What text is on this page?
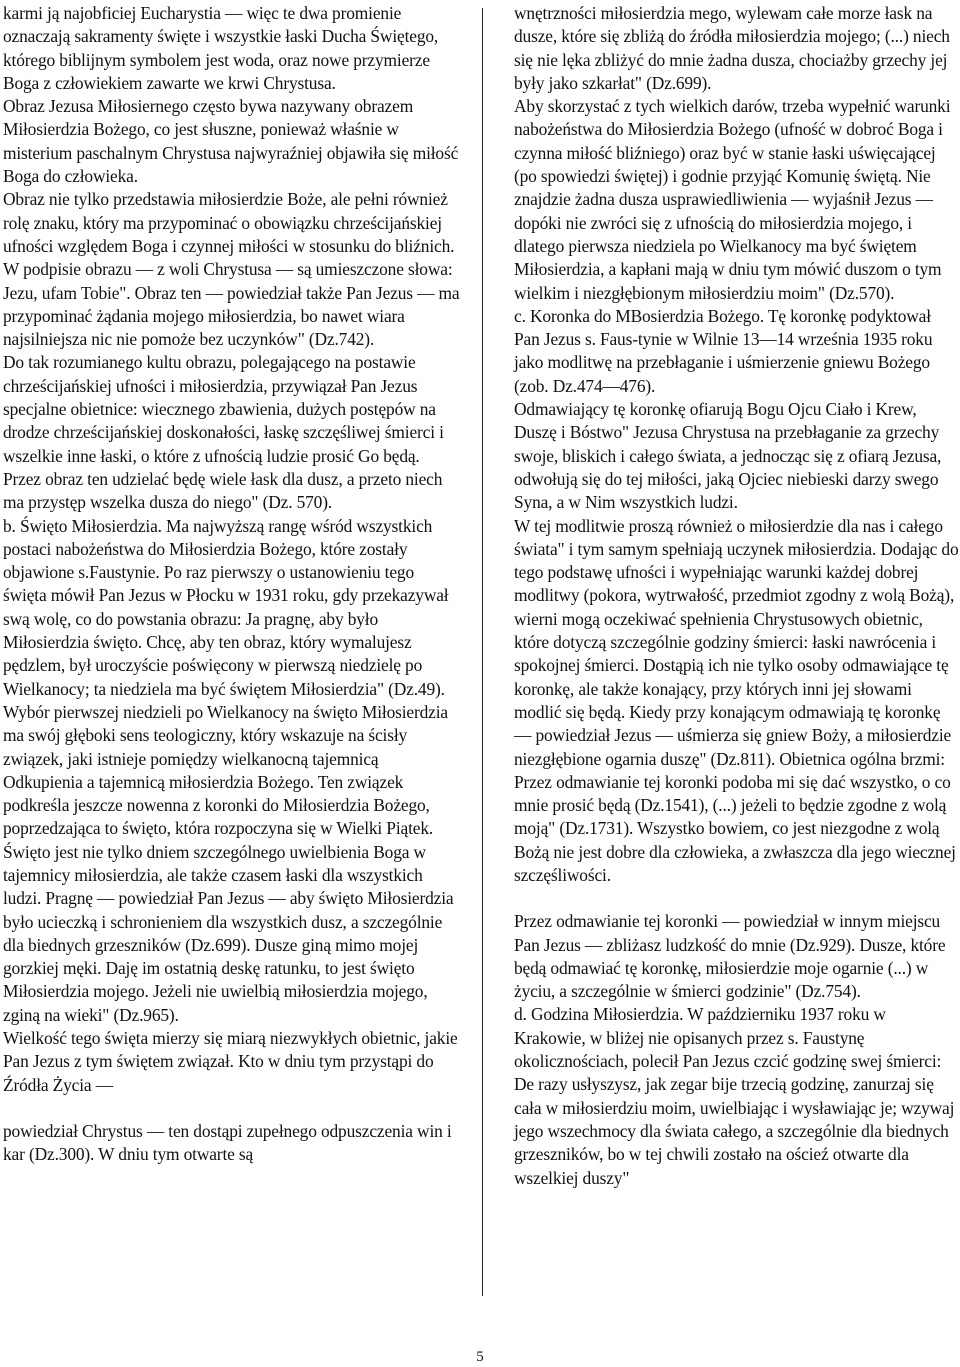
karmi ją najobficiej Eucharystia — więc te dwa promienie oznaczają sakramenty święte i wszystkie łaski Ducha Świętego, którego biblijnym symbolem jest woda, oraz nowe przymierze Boga z człowiekiem zawarte we krwi Chrystusa.

Obraz Jezusa Miłosiernego często bywa nazywany obrazem Miłosierdzia Bożego, co jest słuszne, ponieważ właśnie w misterium paschalnym Chrystusa najwyraźniej objawiła się miłość Boga do człowieka.

Obraz nie tylko przedstawia miłosierdzie Boże, ale pełni również rolę znaku, który ma przypominać o obowiązku chrześcijańskiej ufności względem Boga i czynnej miłości w stosunku do bliźnich. W podpisie obrazu — z woli Chrystusa — są umieszczone słowa: Jezu, ufam Tobie". Obraz ten — powiedział także Pan Jezus — ma przypominać żądania mojego miłosierdzia, bo nawet wiara najsilniejsza nic nie pomoże bez uczynków" (Dz.742).

Do tak rozumianego kultu obrazu, polegającego na postawie chrześcijańskiej ufności i miłosierdzia, przywiązał Pan Jezus specjalne obietnice: wiecznego zbawienia, dużych postępów na drodze chrześcijańskiej doskonałości, łaskę szczęśliwej śmierci i wszelkie inne łaski, o które z ufnością ludzie prosić Go będą. Przez obraz ten udzielać będę wiele łask dla dusz, a przeto niech ma przystęp wszelka dusza do niego" (Dz. 570).

b. Święto Miłosierdzia. Ma najwyższą rangę wśród wszystkich postaci nabożeństwa do Miłosierdzia Bożego, które zostały objawione s.Faustynie. Po raz pierwszy o ustanowieniu tego święta mówił Pan Jezus w Płocku w 1931 roku, gdy przekazywał swą wolę, co do powstania obrazu: Ja pragnę, aby było Miłosierdzia święto. Chcę, aby ten obraz, który wymalujesz pędzlem, był uroczyście poświęcony w pierwszą niedzielę po Wielkanocy; ta niedziela ma być świętem Miłosierdzia" (Dz.49).

Wybór pierwszej niedzieli po Wielkanocy na święto Miłosierdzia ma swój głęboki sens teologiczny, który wskazuje na ścisły związek, jaki istnieje pomiędzy wielkanocną tajemnicą Odkupienia a tajemnicą miłosierdzia Bożego. Ten związek podkreśla jeszcze nowenna z koronki do Miłosierdzia Bożego, poprzedzająca to święto, która rozpoczyna się w Wielki Piątek.

Święto jest nie tylko dniem szczególnego uwielbienia Boga w tajemnicy miłosierdzia, ale także czasem łaski dla wszystkich ludzi. Pragnę — powiedział Pan Jezus — aby święto Miłosierdzia było ucieczką i schronieniem dla wszystkich dusz, a szczególnie dla biednych grzeszników (Dz.699). Dusze giną mimo mojej gorzkiej męki. Daję im ostatnią deskę ratunku, to jest święto Miłosierdzia mojego. Jeżeli nie uwielbią miłosierdzia mojego, zginą na wieki" (Dz.965).

Wielkość tego święta mierzy się miarą niezwykłych obietnic, jakie Pan Jezus z tym świętem związał. Kto w dniu tym przystąpi do Źródła Życia —

powiedział Chrystus — ten dostąpi zupełnego odpuszczenia win i kar (Dz.300). W dniu tym otwarte są

wnętrzności miłosierdzia mego, wylewam całe morze łask na dusze, które się zbliżą do źródła miłosierdzia mojego; (...) niech się nie lęka zbliżyć do mnie żadna dusza, chociażby grzechy jej były jako szkarłat" (Dz.699).

Aby skorzystać z tych wielkich darów, trzeba wypełnić warunki nabożeństwa do Miłosierdzia Bożego (ufność w dobroć Boga i czynna miłość bliźniego) oraz być w stanie łaski uświęcającej (po spowiedzi świętej) i godnie przyjąć Komunię świętą. Nie znajdzie żadna dusza usprawiedliwienia — wyjaśnił Jezus — dopóki nie zwróci się z ufnością do miłosierdzia mojego, i dlatego pierwsza niedziela po Wielkanocy ma być świętem Miłosierdzia, a kapłani mają w dniu tym mówić duszom o tym wielkim i niezgłębionym miłosierdziu moim" (Dz.570).

c. Koronka do MBosierdzia Bożego. Tę koronkę podyktował Pan Jezus s. Faus-tynie w Wilnie 13—14 września 1935 roku jako modlitwę na przebłaganie i uśmierzenie gniewu Bożego (zob. Dz.474—476).

Odmawiający tę koronkę ofiarują Bogu Ojcu Ciało i Krew, Duszę i Bóstwo" Jezusa Chrystusa na przebłaganie za grzechy swoje, bliskich i całego świata, a jednocząc się z ofiarą Jezusa, odwołują się do tej miłości, jaką Ojciec niebieski darzy swego Syna, a w Nim wszystkich ludzi.

W tej modlitwie proszą również o miłosierdzie dla nas i całego świata" i tym samym spełniają uczynek miłosierdzia. Dodając do tego podstawę ufności i wypełniając warunki każdej dobrej modlitwy (pokora, wytrwałość, przedmiot zgodny z wolą Bożą), wierni mogą oczekiwać spełnienia Chrystusowych obietnic, które dotyczą szczególnie godziny śmierci: łaski nawrócenia i spokojnej śmierci. Dostąpią ich nie tylko osoby odmawiające tę koronkę, ale także konający, przy których inni jej słowami modlić się będą. Kiedy przy konającym odmawiają tę koronkę — powiedział Jezus — uśmierza się gniew Boży, a miłosierdzie niezgłębione ogarnia duszę" (Dz.811). Obietnica ogólna brzmi: Przez odmawianie tej koronki podoba mi się dać wszystko, o co mnie prosić będą (Dz.1541), (...) jeżeli to będzie zgodne z wolą moją" (Dz.1731). Wszystko bowiem, co jest niezgodne z wolą Bożą nie jest dobre dla człowieka, a zwłaszcza dla jego wiecznej szczęśliwości.

Przez odmawianie tej koronki — powiedział w innym miejscu Pan Jezus — zbliżasz ludzkość do mnie (Dz.929). Dusze, które będą odmawiać tę koronkę, miłosierdzie moje ogarnie (...) w życiu, a szczególnie w śmierci godzinie" (Dz.754).

d. Godzina Miłosierdzia. W październiku 1937 roku w Krakowie, w bliżej nie opisanych przez s. Faustynę okolicznościach, polecił Pan Jezus czcić godzinę swej śmierci: De razy usłyszysz, jak zegar bije trzecią godzinę, zanurzaj się cała w miłosierdziu moim, uwielbiając i wysławiając je; wzywaj jego wszechmocy dla świata całego, a szczególnie dla biednych grzeszników, bo w tej chwili zostało na ościeź otwarte dla wszelkiej duszy"

5
